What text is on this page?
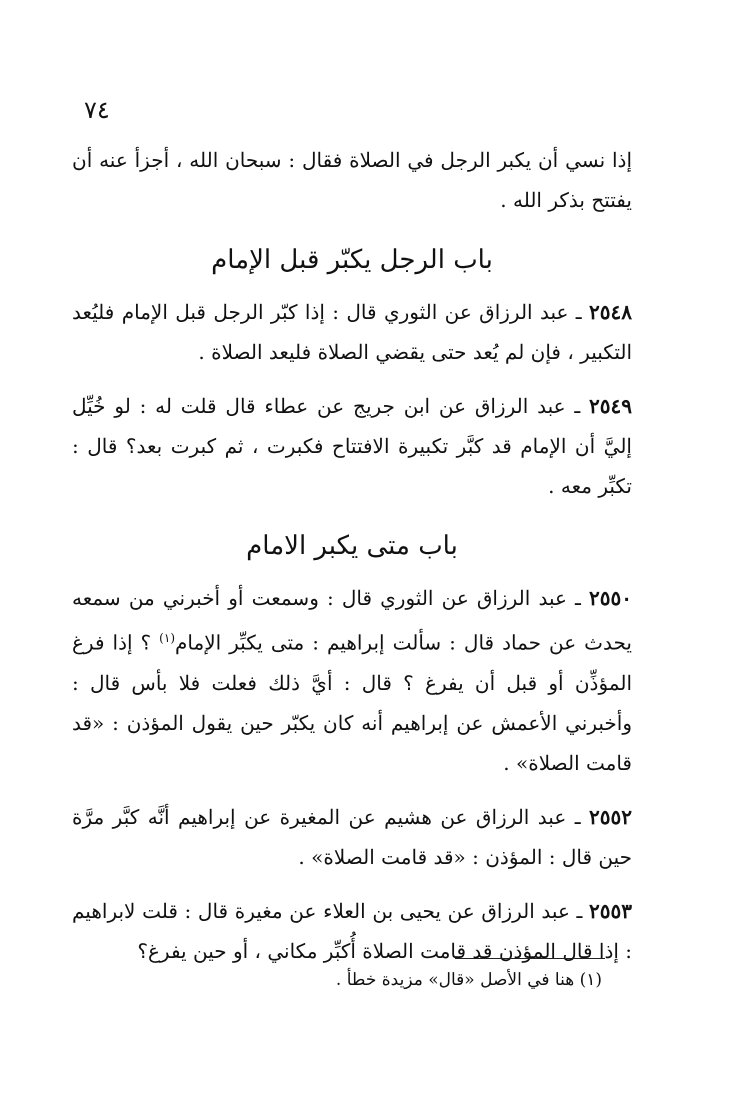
٧٤

إذا نسي أن يكبر الرجل في الصلاة فقال : سبحان الله ، أجزأ عنه أن يفتتح بذكر الله .

باب الرجل يكبّر قبل الإمام

٢٥٤٨ ـ عبد الرزاق عن الثوري قال : إذا كبّر الرجل قبل الإمام فليُعد التكبير ، فإن لم يُعد حتى يقضي الصلاة فليعد الصلاة .

٢٥٤٩ ـ عبد الرزاق عن ابن جريج عن عطاء قال قلت له : لو خُيِّل إليَّ أن الإمام قد كبَّر تكبيرة الافتتاح فكبرت ، ثم كبرت بعد؟ قال : تكبِّر معه .

باب متى يكبر الامام

٢٥٥٠ ـ عبد الرزاق عن الثوري قال : وسمعت أو أخبرني من سمعه يحدث عن حماد قال : سألت إبراهيم : متى يكبِّر الإمام$^{(١)}$ ؟ إذا فرغ المؤذِّن أو قبل أن يفرغ ؟ قال : أيَّ ذلك فعلت فلا بأس قال : وأخبرني الأعمش عن إبراهيم أنه كان يكبّر حين يقول المؤذن : «قد قامت الصلاة» .

٢٥٥٢ ـ عبد الرزاق عن هشيم عن المغيرة عن إبراهيم أنَّه كبَّر مرَّة حين قال : المؤذن : «قد قامت الصلاة» .

٢٥٥٣ ـ عبد الرزاق عن يحيى بن العلاء عن مغيرة قال : قلت لابراهيم : إذا قال المؤذن قد قامت الصلاة أُكبِّر مكاني ، أو حين يفرغ؟

(١) هنا في الأصل «قال» مزيدة خطأ .
